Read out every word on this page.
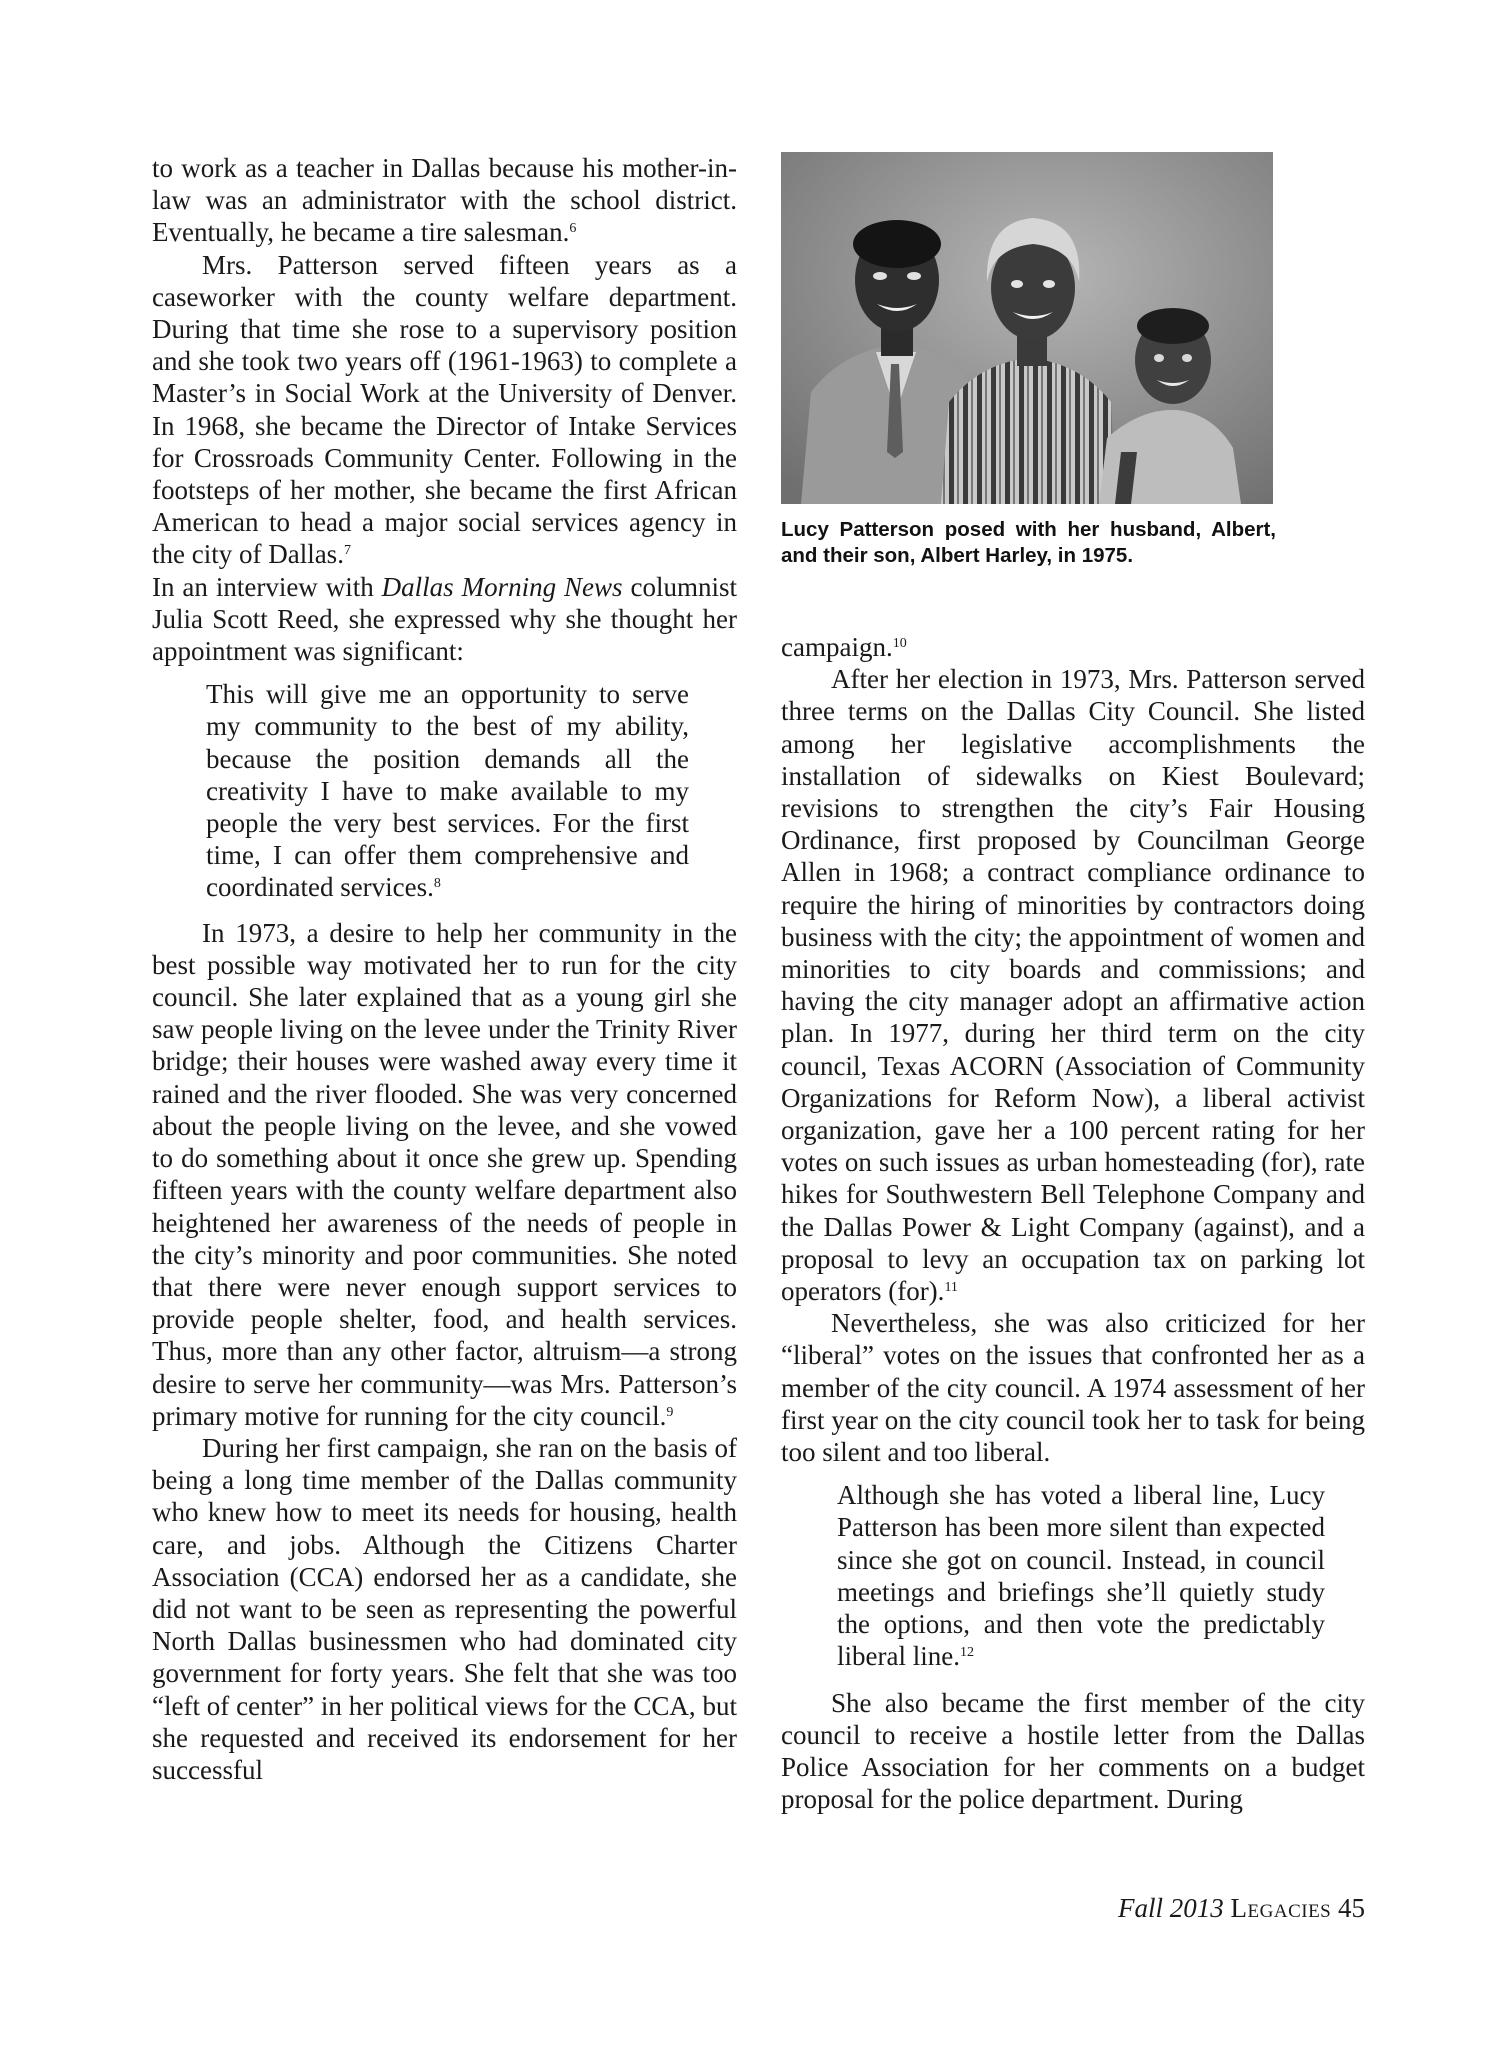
to work as a teacher in Dallas because his mother-in-law was an administrator with the school district. Eventually, he became a tire salesman.$^6$

Mrs. Patterson served fifteen years as a caseworker with the county welfare department. During that time she rose to a supervisory position and she took two years off (1961-1963) to complete a Master’s in Social Work at the University of Denver. In 1968, she became the Director of Intake Services for Crossroads Community Center. Following in the footsteps of her mother, she became the first African American to head a major social services agency in the city of Dallas.$^7$

In an interview with Dallas Morning News columnist Julia Scott Reed, she expressed why she thought her appointment was significant:

This will give me an opportunity to serve my community to the best of my ability, because the position demands all the creativity I have to make available to my people the very best services. For the first time, I can offer them comprehensive and coordinated services.$^8$

In 1973, a desire to help her community in the best possible way motivated her to run for the city council. She later explained that as a young girl she saw people living on the levee under the Trinity River bridge; their houses were washed away every time it rained and the river flooded. She was very concerned about the people living on the levee, and she vowed to do something about it once she grew up. Spending fifteen years with the county welfare department also heightened her awareness of the needs of people in the city’s minority and poor communities. She noted that there were never enough support services to provide people shelter, food, and health services. Thus, more than any other factor, altruism—a strong desire to serve her community—was Mrs. Patterson’s primary motive for running for the city council.$^9$

During her first campaign, she ran on the basis of being a long time member of the Dallas community who knew how to meet its needs for housing, health care, and jobs. Although the Citizens Charter Association (CCA) endorsed her as a candidate, she did not want to be seen as representing the powerful North Dallas businessmen who had dominated city government for forty years. She felt that she was too “left of center” in her political views for the CCA, but she requested and received its endorsement for her successful

Lucy Patterson posed with her husband, Albert, and their son, Albert Harley, in 1975.

campaign.$^{10}$

After her election in 1973, Mrs. Patterson served three terms on the Dallas City Council. She listed among her legislative accomplishments the installation of sidewalks on Kiest Boulevard; revisions to strengthen the city’s Fair Housing Ordinance, first proposed by Councilman George Allen in 1968; a contract compliance ordinance to require the hiring of minorities by contractors doing business with the city; the appointment of women and minorities to city boards and commissions; and having the city manager adopt an affirmative action plan. In 1977, during her third term on the city council, Texas ACORN (Association of Community Organizations for Reform Now), a liberal activist organization, gave her a 100 percent rating for her votes on such issues as urban homesteading (for), rate hikes for Southwestern Bell Telephone Company and the Dallas Power & Light Company (against), and a proposal to levy an occupation tax on parking lot operators (for).$^{11}$

Nevertheless, she was also criticized for her “liberal” votes on the issues that confronted her as a member of the city council. A 1974 assessment of her first year on the city council took her to task for being too silent and too liberal.

Although she has voted a liberal line, Lucy Patterson has been more silent than expected since she got on council. Instead, in council meetings and briefings she’ll quietly study the options, and then vote the predictably liberal line.$^{12}$

She also became the first member of the city council to receive a hostile letter from the Dallas Police Association for her comments on a budget proposal for the police department. During

Fall 2013 Legacies 45
